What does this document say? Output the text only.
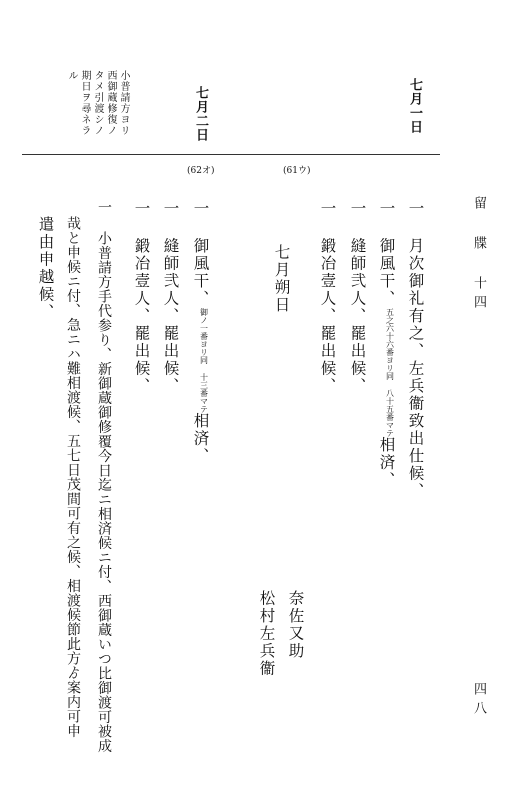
留 牒 十四
四八
七月一日
七月二日
小普請方ヨリ
西御蔵修復ノ
タメ引渡シノ
期日ヲ尋ネラ
ル
(61ウ)
(62オ)
一 月次御礼有之、左兵衞致出仕候、
一 御風干、五之六十六番ヨリ同 八十五番マテ相済、
一 縫師弐人、罷出候、
一 鍛冶壹人、罷出候、
七月朔日
奈佐又助
松村左兵衞
一 御風干、御ノ一番ヨリ同 十三番マテ相済、
一 縫師弐人、罷出候、
一 鍛冶壹人、罷出候、
一 小普請方手代参り、新御蔵御修覆今日迄ニ相済候ニ付、西御蔵いつ比御渡可被成
哉と申候ニ付、急ニハ難相渡候、五七日茂間可有之候、相渡候節此方ゟ案内可申
遣由申越候、
